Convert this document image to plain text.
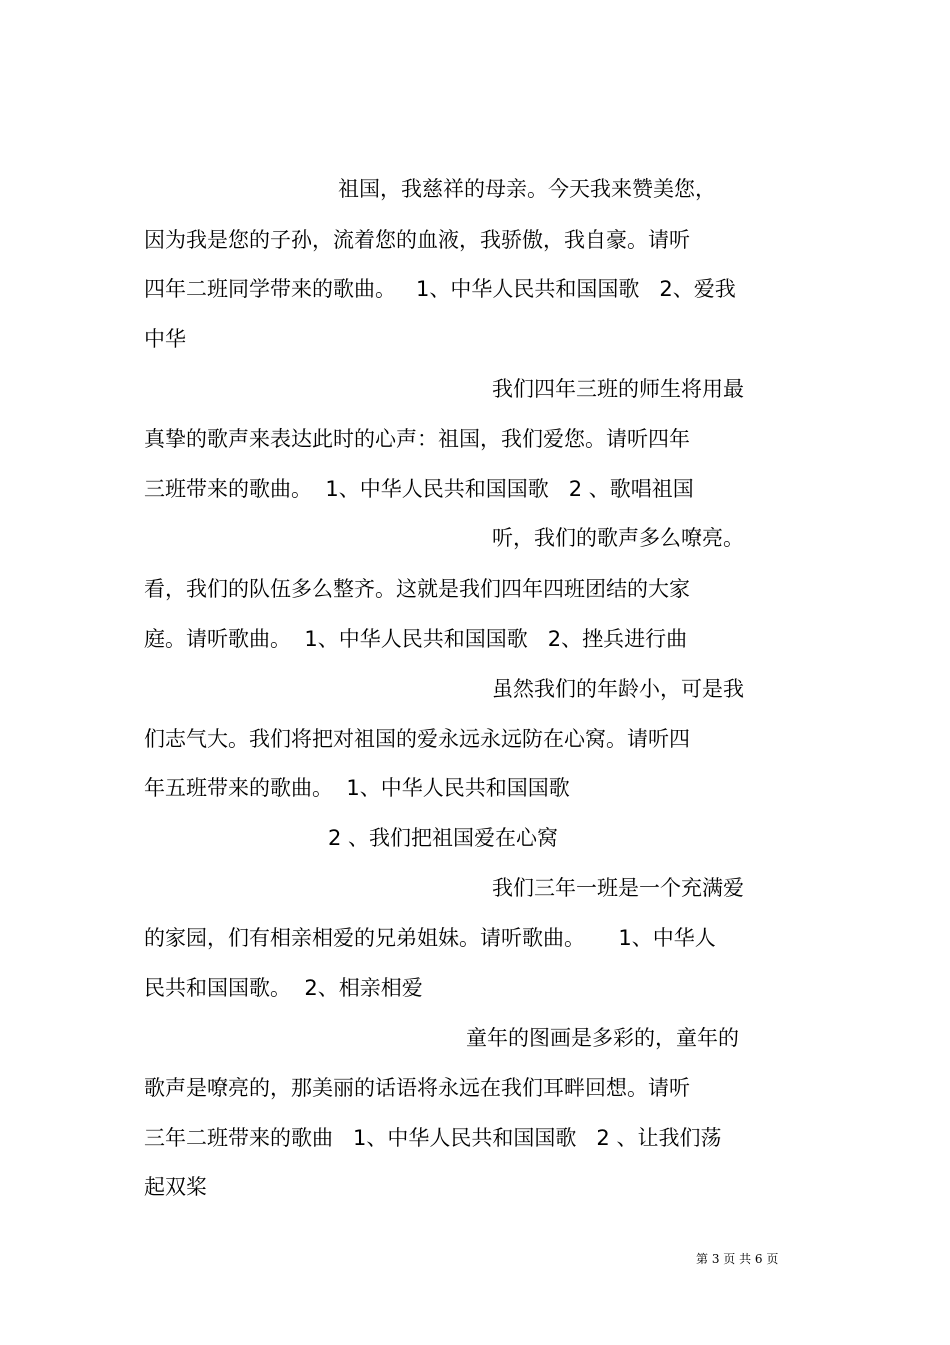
祖国，我慈祥的母亲。今天我来赞美您，
因为我是您的子孙，流着您的血液，我骄傲，我自豪。请听
四年二班同学带来的歌曲。   1、中华人民共和国国歌   2、爱我
中华
我们四年三班的师生将用最
真挚的歌声来表达此时的心声：祖国，我们爱您。请听四年
三班带来的歌曲。  1、中华人民共和国国歌   2 、歌唱祖国
听，我们的歌声多么嘹亮。
看，我们的队伍多么整齐。这就是我们四年四班团结的大家
庭。请听歌曲。  1、中华人民共和国国歌   2、挫兵进行曲
虽然我们的年龄小，可是我
们志气大。我们将把对祖国的爱永远永远防在心窝。请听四
年五班带来的歌曲。  1、中华人民共和国国歌
2 、我们把祖国爱在心窝
我们三年一班是一个充满爱
的家园，们有相亲相爱的兄弟姐妹。请听歌曲。     1、中华人
民共和国国歌。  2、相亲相爱
童年的图画是多彩的，童年的
歌声是嘹亮的，那美丽的话语将永远在我们耳畔回想。请听
三年二班带来的歌曲   1、中华人民共和国国歌   2 、让我们荡
起双桨
第 3 页 共 6 页
